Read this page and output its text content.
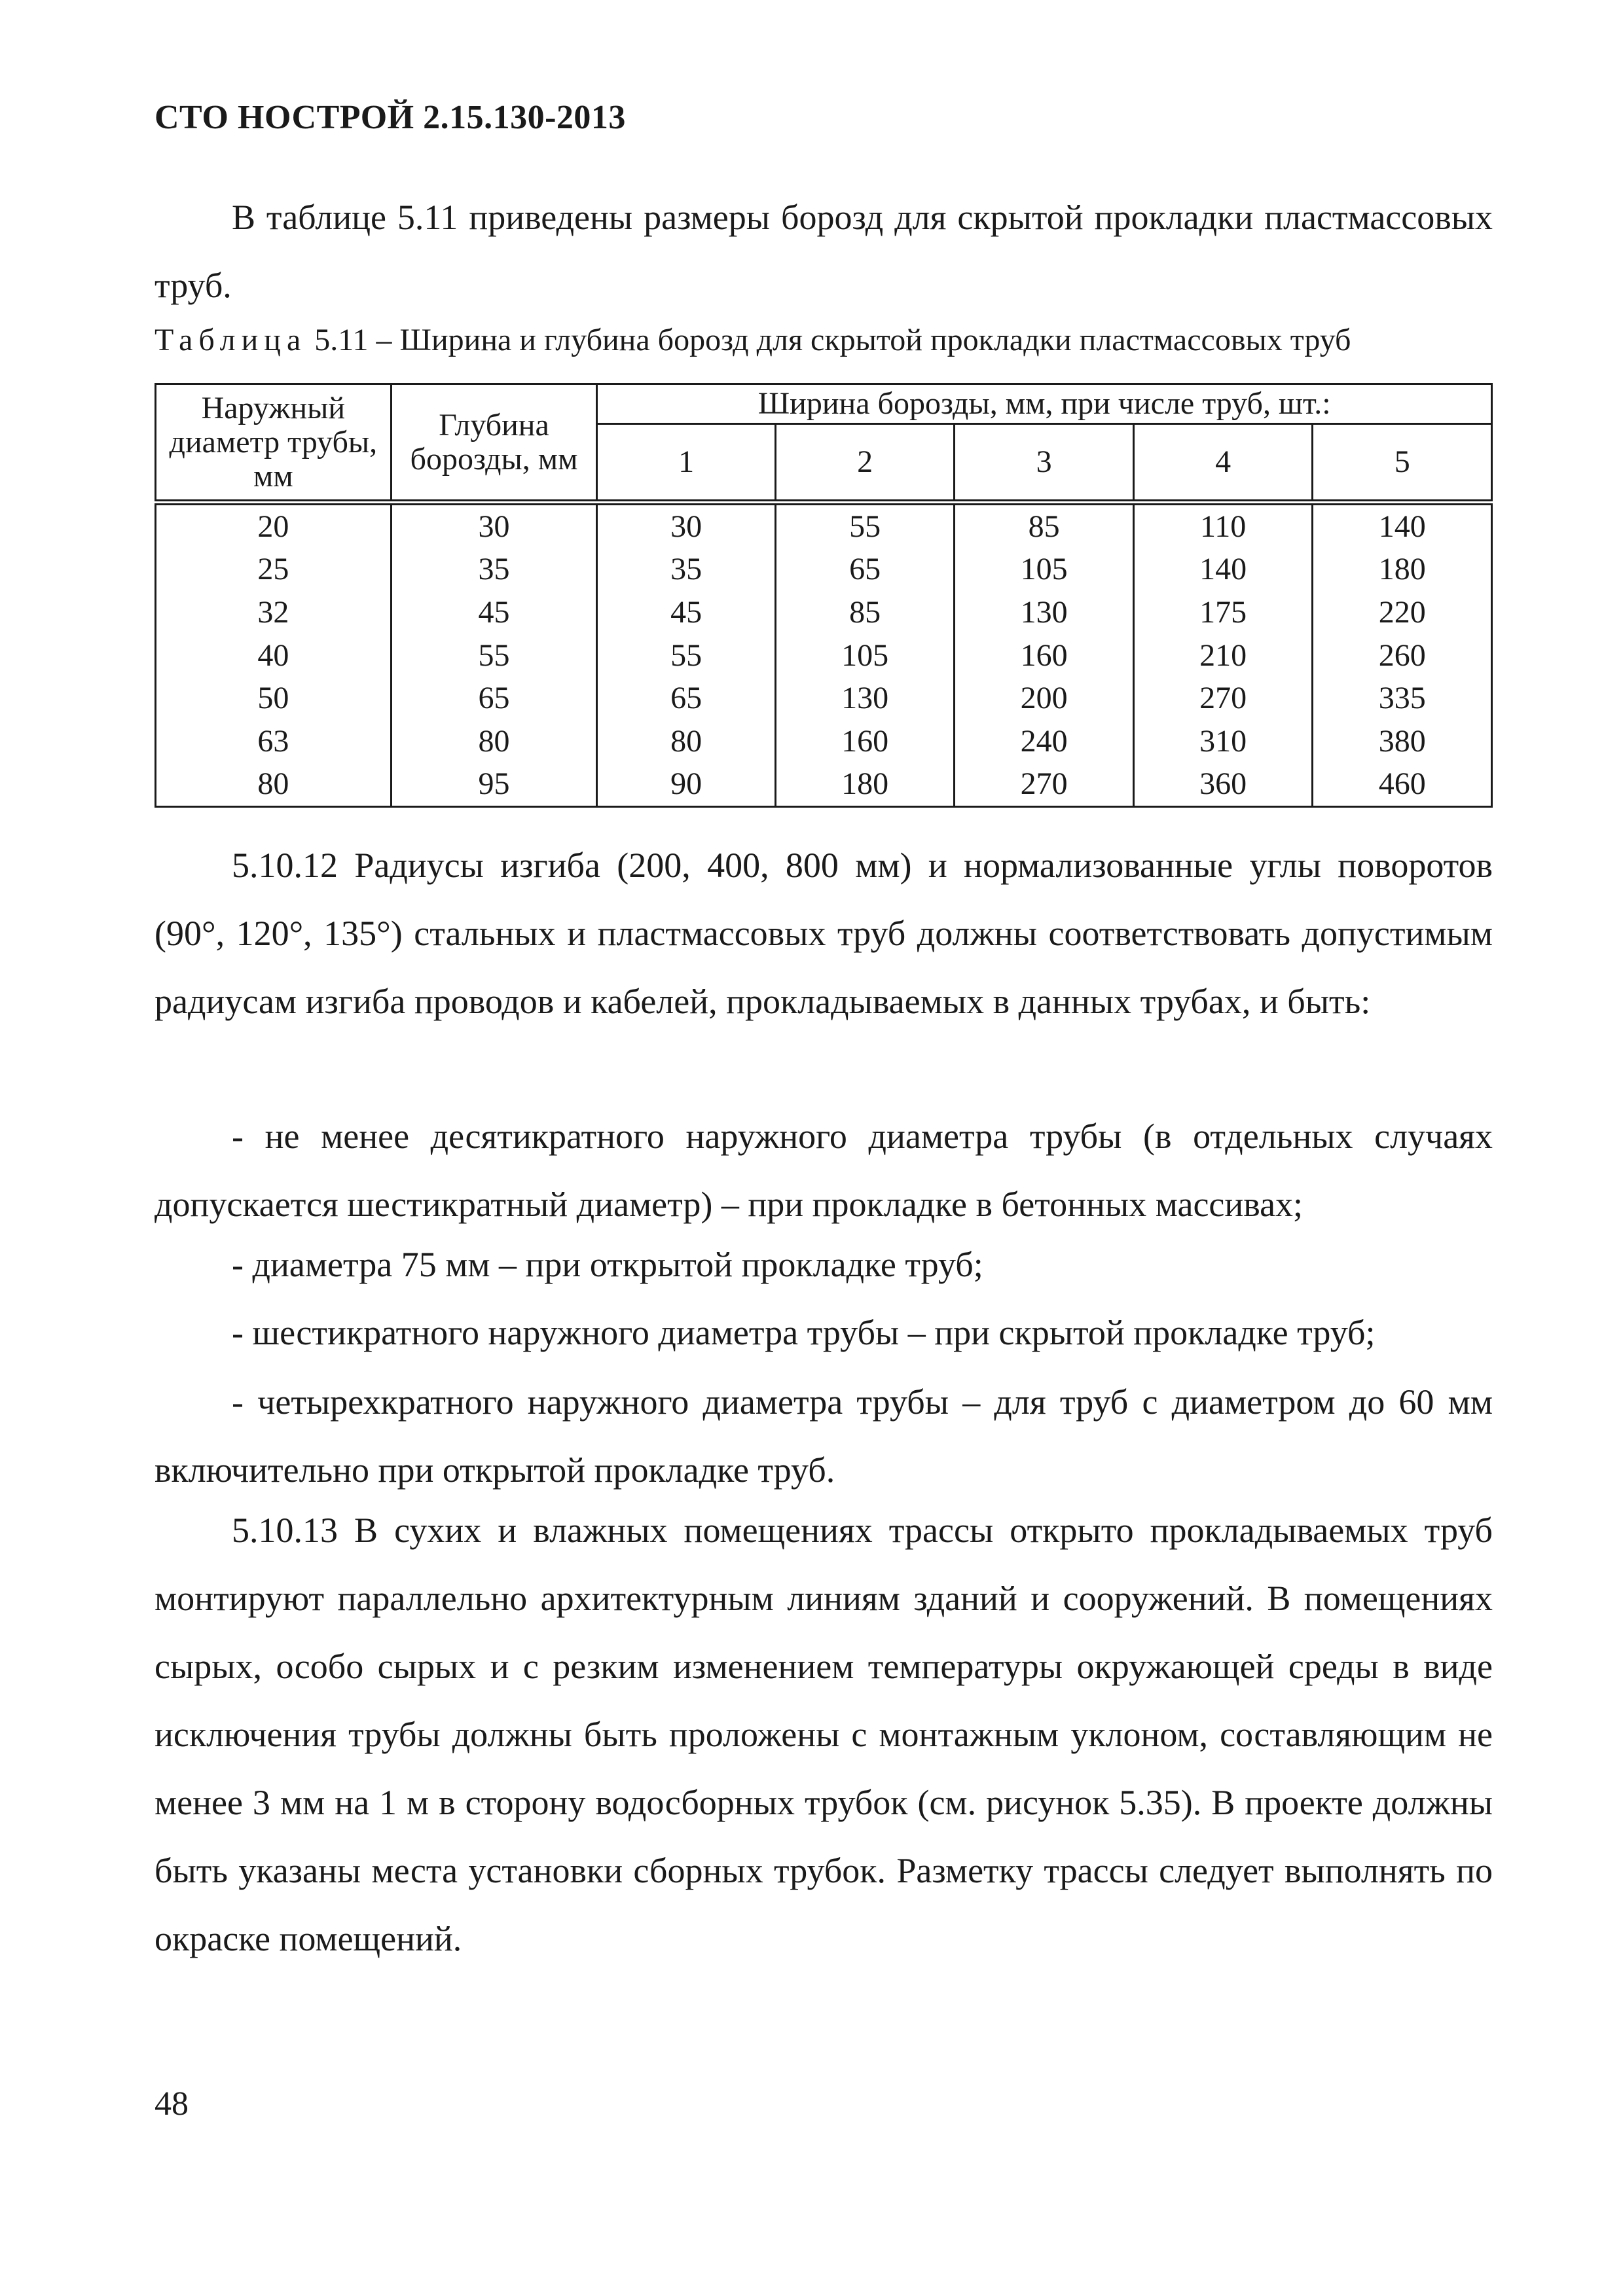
СТО НОСТРОЙ 2.15.130-2013

В таблице 5.11 приведены размеры борозд для скрытой прокладки пластмассовых труб.

Таблица 5.11 – Ширина и глубина борозд для скрытой прокладки пластмассовых труб
Наружный диаметр трубы, мм	Глубина борозды, мм	Ширина борозды, мм, при числе труб, шт.:				
		1	2	3	4	5
20	30	30	55	85	110	140
25	35	35	65	105	140	180
32	45	45	85	130	175	220
40	55	55	105	160	210	260
50	65	65	130	200	270	335
63	80	80	160	240	310	380
80	95	90	180	270	360	460

5.10.12 Радиусы изгиба (200, 400, 800 мм) и нормализованные углы поворотов (90°, 120°, 135°) стальных и пластмассовых труб должны соответствовать допустимым радиусам изгиба проводов и кабелей, прокладываемых в данных трубах, и быть:

- не менее десятикратного наружного диаметра трубы (в отдельных случаях допускается шестикратный диаметр) – при прокладке в бетонных массивах;

- диаметра 75 мм – при открытой прокладке труб;

- шестикратного наружного диаметра трубы – при скрытой прокладке труб;

- четырехкратного наружного диаметра трубы – для труб с диаметром до 60 мм включительно при открытой прокладке труб.

5.10.13 В сухих и влажных помещениях трассы открыто прокладываемых труб монтируют параллельно архитектурным линиям зданий и сооружений. В помещениях сырых, особо сырых и с резким изменением температуры окружающей среды в виде исключения трубы должны быть проложены с монтажным уклоном, составляющим не менее 3 мм на 1 м в сторону водосборных трубок (см. рисунок 5.35). В проекте должны быть указаны места установки сборных трубок. Разметку трассы следует выполнять по окраске помещений.

48
